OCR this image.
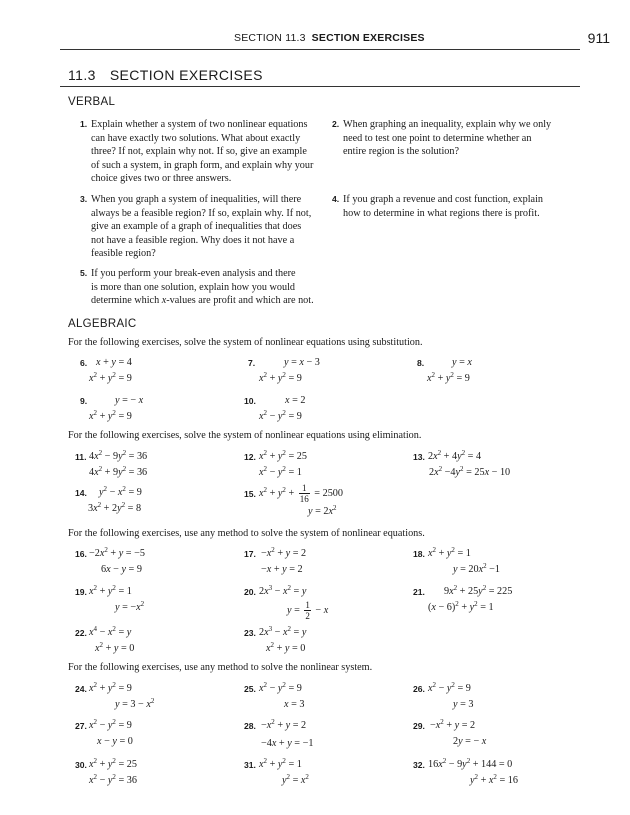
SECTION 11.3 SECTION EXERCISES	911
11.3 SECTION EXERCISES
VERBAL
1. Explain whether a system of two nonlinear equations
can have exactly two solutions. What about exactly
three? If not, explain why not. If so, give an example
of such a system, in graph form, and explain why your
choice gives two or three answers.
2. When graphing an inequality, explain why we only
need to test one point to determine whether an
entire region is the solution?
3. When you graph a system of inequalities, will there
always be a feasible region? If so, explain why. If not,
give an example of a graph of inequalities that does
not have a feasible region. Why does it not have a
feasible region?
4. If you graph a revenue and cost function, explain
how to determine in what regions there is profit.
5. If you perform your break-even analysis and there
is more than one solution, explain how you would
determine which x-values are profit and which are not.
ALGEBRAIC
For the following exercises, solve the system of nonlinear equations using substitution.
6. x + y = 4
$x^2 + y^2 = 9$
7.	y = x − 3
$x^2 + y^2 = 9$
8.	y = x
$x^2 + y^2 = 9$
9.	y = − x
$x^2 + y^2 = 9$
10.	x = 2
$x^2 - y^2 = 9$
For the following exercises, solve the system of nonlinear equations using elimination.
11. $4x^2 - 9y^2 = 36$
$4x^2 + 9y^2 = 36$
12. $x^2 + y^2 = 25$
$x^2 - y^2 = 1$
13. $2x^2 + 4y^2 = 4$
$2x^2 -4y^2 = 25x - 10$
14. $y^2 - x^2 = 9$
$3x^2 + 2y^2 = 8$
15. $x^2 + y^2 + \frac{1}{16} = 2500$
$y = 2x^2$
For the following exercises, use any method to solve the system of nonlinear equations.
16. $-2x^2 + y = -5$
6x − y = 9
17. $-x^2 + y = 2$
−x + y = 2
18. $x^2 + y^2 = 1$
$y = 20x^2 -1$
19. $x^2 + y^2 = 1$
$y = -x^2$
20. $2x^3 - x^2 = y$
$y = \frac{1}{2} - x$
21. $9x^2 + 25y^2 = 225$
$(x - 6)^2 + y^2 = 1$
22. $x^4 - x^2 = y$
$x^2 + y = 0$
23. $2x^3 - x^2 = y$
$x^2 + y = 0$
For the following exercises, use any method to solve the nonlinear system.
24. $x^2 + y^2 = 9$
$y = 3 - x^2$
25. $x^2 - y^2 = 9$
x = 3
26. $x^2 - y^2 = 9$
y = 3
27. $x^2 - y^2 = 9$
x − y = 0
28. $-x^2 + y = 2$
−4x + y = −1
29. $-x^2 + y = 2$
2y = − x
30. $x^2 + y^2 = 25$
$x^2 - y^2 = 36$
31. $x^2 + y^2 = 1$
$y^2 = x^2$
32. $16x^2 - 9y^2 + 144 = 0$
$y^2 + x^2 = 16$
